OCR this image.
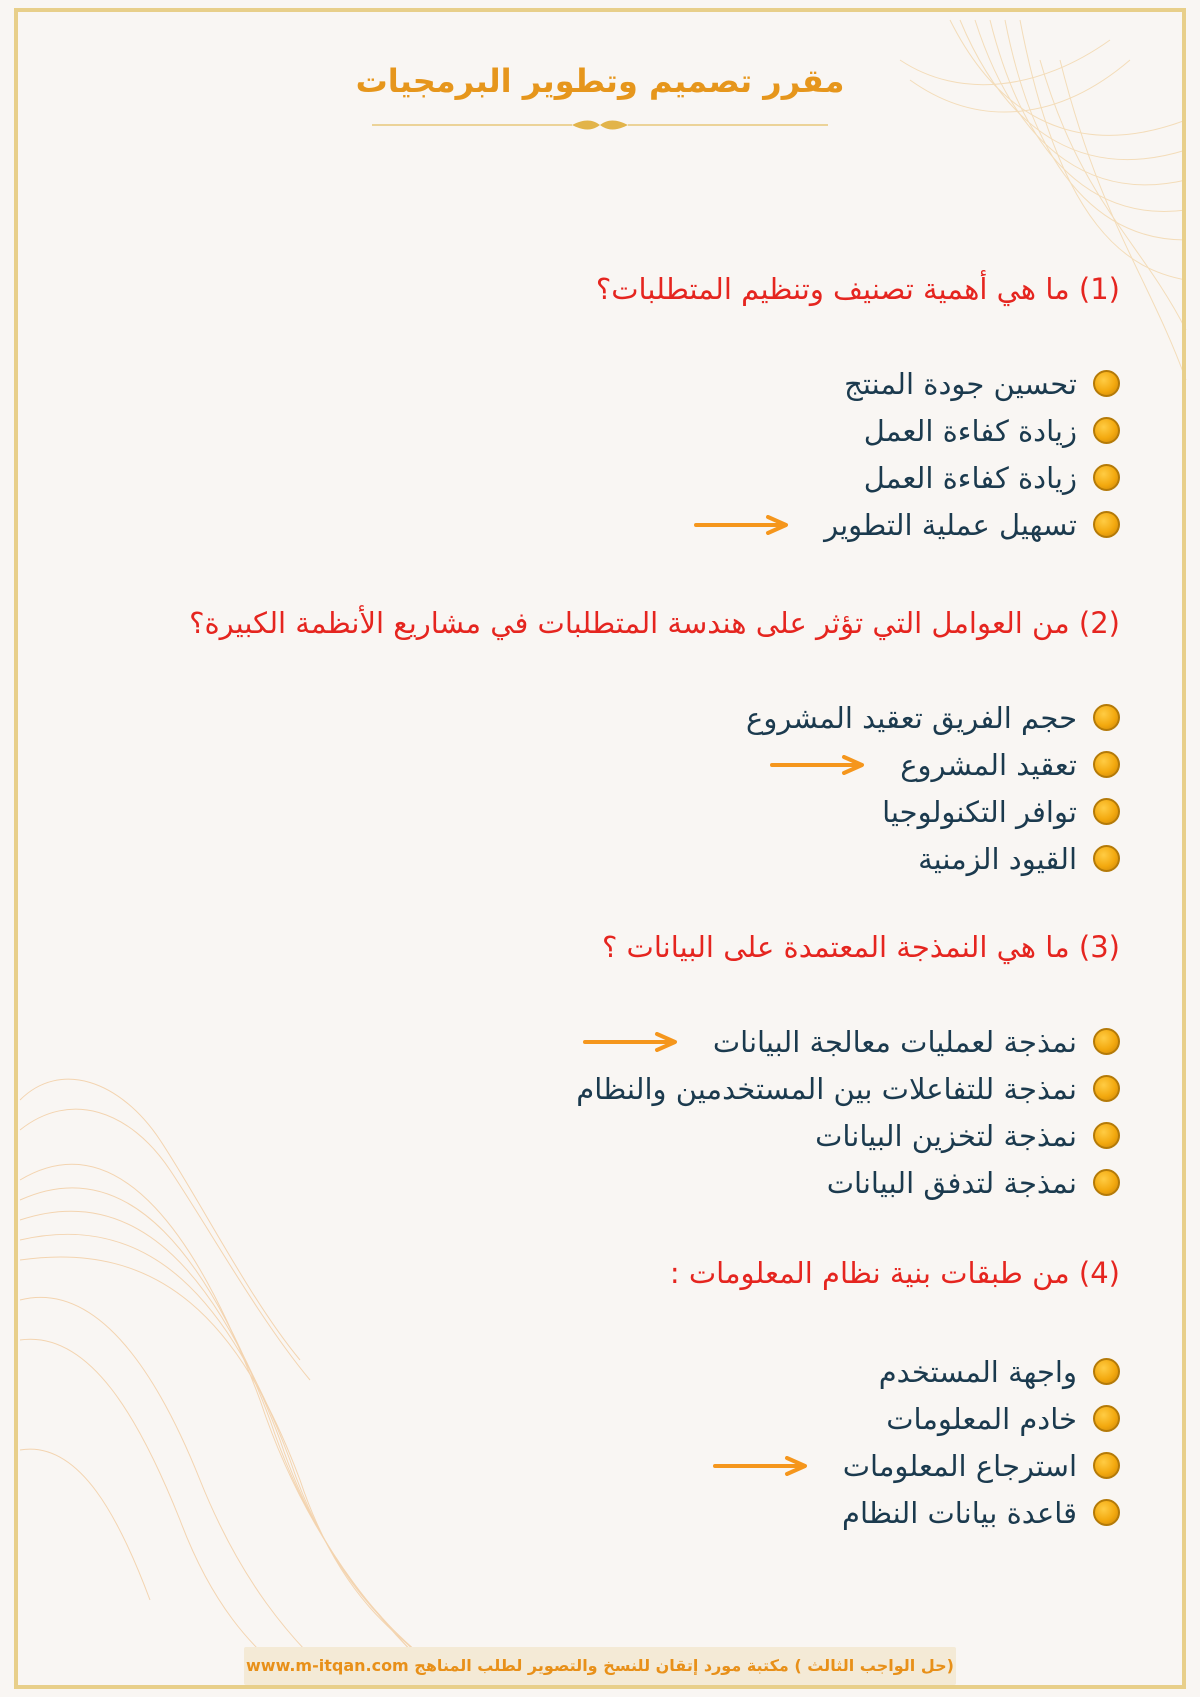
مقرر تصميم وتطوير البرمجيات
(1) ما هي أهمية تصنيف وتنظيم المتطلبات؟
تحسين جودة المنتج
زيادة كفاءة العمل
زيادة كفاءة العمل
تسهيل عملية التطوير
(2) من العوامل التي تؤثر على هندسة المتطلبات في مشاريع الأنظمة الكبيرة؟
حجم الفريق تعقيد المشروع
تعقيد المشروع
توافر التكنولوجيا
القيود الزمنية
(3) ما هي النمذجة المعتمدة على البيانات ؟
نمذجة لعمليات معالجة البيانات
نمذجة للتفاعلات بين المستخدمين والنظام
نمذجة لتخزين البيانات
نمذجة لتدفق البيانات
(4) من طبقات بنية نظام المعلومات :
واجهة المستخدم
خادم المعلومات
استرجاع المعلومات
قاعدة بيانات النظام
(حل الواجب الثالث ) مكتبة مورد إتقان للنسخ والتصوير لطلب المناهج www.m-itqan.com
